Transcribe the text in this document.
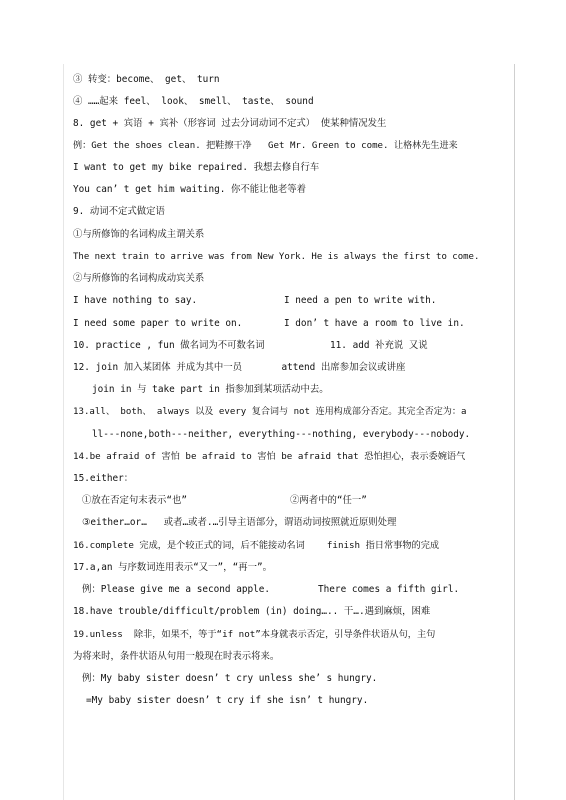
③ 转变：become、 get、 turn
④ ……起来 feel、 look、 smell、 taste、 sound
8. get + 宾语 + 宾补（形容词 过去分词动词不定式） 使某种情况发生
例：Get the shoes clean. 把鞋擦干净   Get Mr. Green to come. 让格林先生进来
I want to get my bike repaired. 我想去修自行车
You can’ t get him waiting. 你不能让他老等着
9. 动词不定式做定语
①与所修饰的名词构成主谓关系
The next train to arrive was from New York. He is always the first to come.
②与所修饰的名词构成动宾关系
I have nothing to say.	I need a pen to write with.
I need some paper to write on.	I don’ t have a room to live in.
10. practice , fun 做名词为不可数名词	11. add 补充说 又说
12. join 加入某团体 并成为其中一员       attend 出席参加会议或讲座
join in 与 take part in 指参加到某项活动中去。
13.all、 both、 always 以及 every 复合词与 not 连用构成部分否定。其完全否定为：a
ll---none,both---neither, everything---nothing, everybody---nobody.
14.be afraid of 害怕 be afraid to 害怕 be afraid that 恐怕担心，表示委婉语气
15.either：
①放在否定句末表示“也”	②两者中的“任一”
③either…or…   或者…或者.…引导主语部分，谓语动词按照就近原则处理
16.complete 完成，是个较正式的词，后不能接动名词    finish 指日常事物的完成
17.a,an 与序数词连用表示“又一”，“再一”。
例：Please give me a second apple.	There comes a fifth girl.
18.have trouble/difficult/problem (in) doing….. 干….遇到麻烦，困难
19.unless  除非，如果不，等于“if not”本身就表示否定，引导条件状语从句，主句
为将来时，条件状语从句用一般现在时表示将来。
例：My baby sister doesn’ t cry unless she’ s hungry.
=My baby sister doesn’ t cry if she isn’ t hungry.
